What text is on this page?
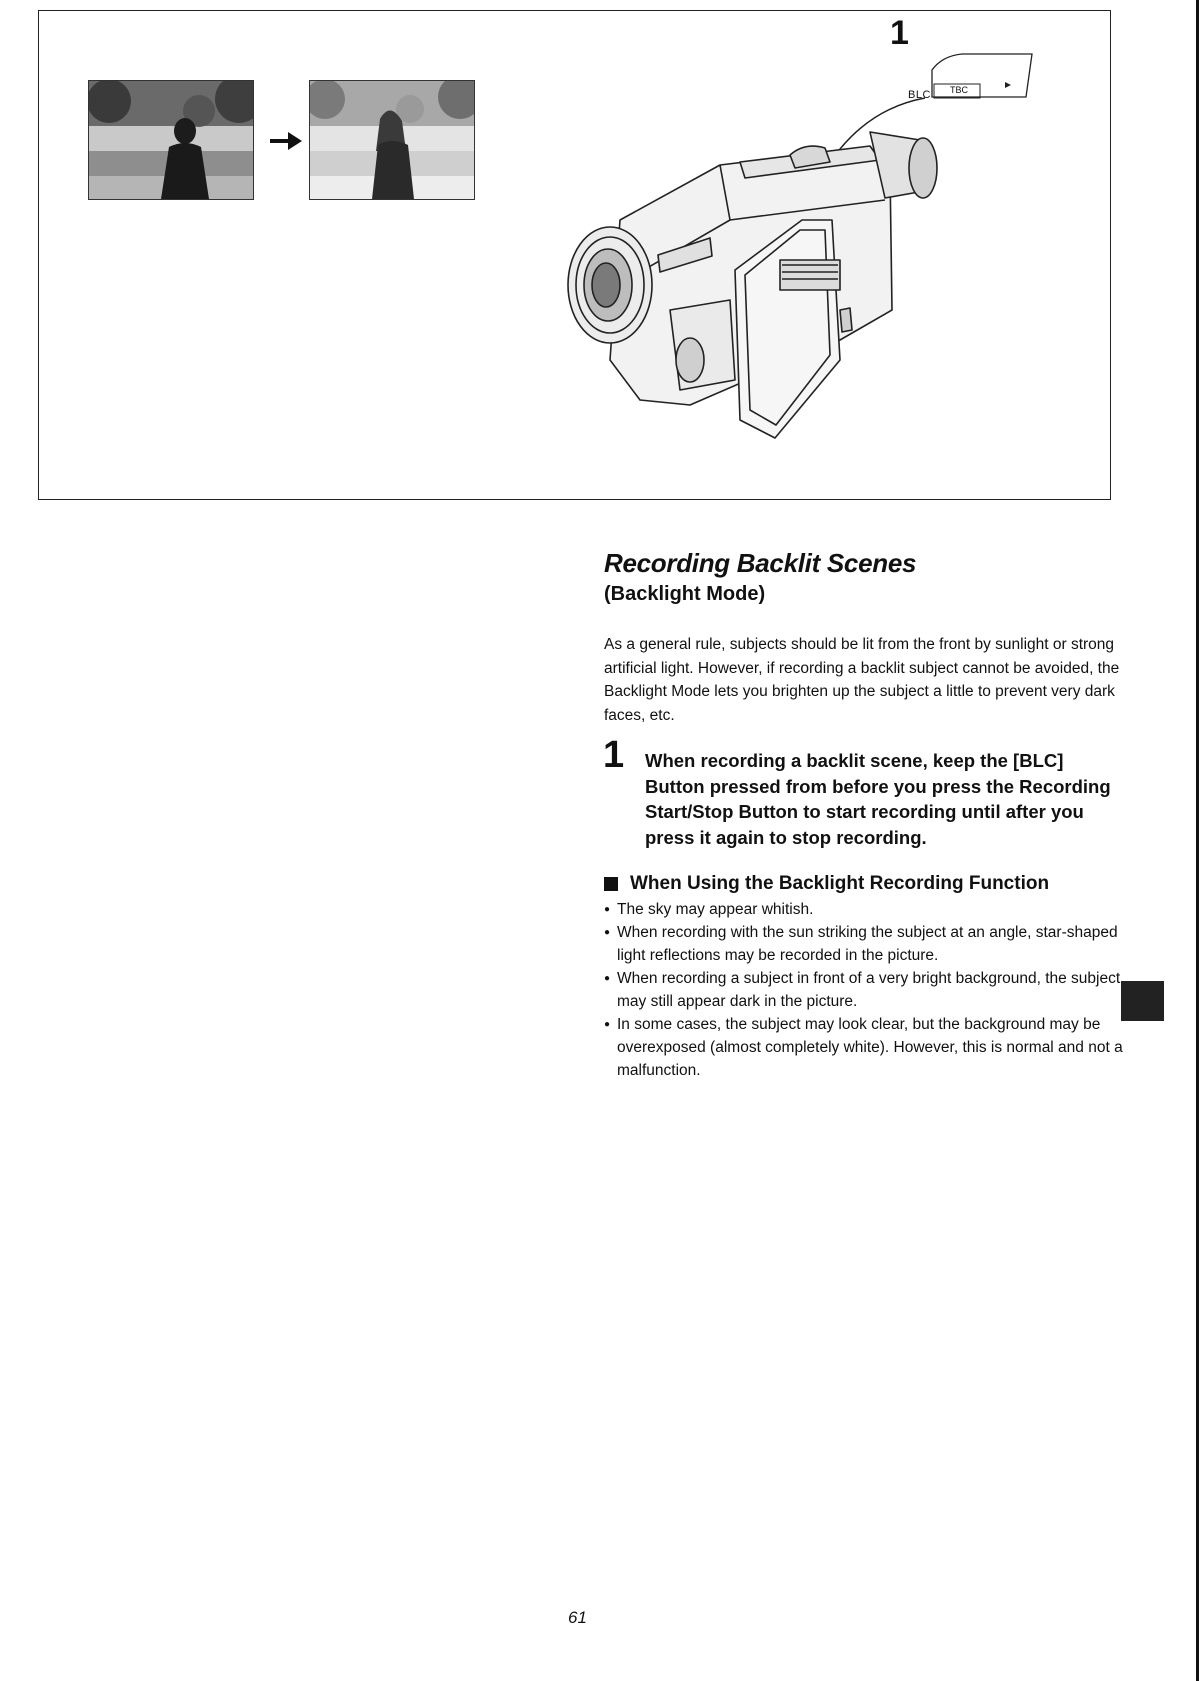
1
BLC TBC
Recording Backlit Scenes
(Backlight Mode)

As a general rule, subjects should be lit from the front by sunlight or strong artificial light. However, if recording a backlit subject cannot be avoided, the Backlight Mode lets you brighten up the subject a little to prevent very dark faces, etc.

1 When recording a backlit scene, keep the [BLC] Button pressed from before you press the Recording Start/Stop Button to start recording until after you press it again to stop recording.

When Using the Backlight Recording Function
● The sky may appear whitish.
● When recording with the sun striking the subject at an angle, star-shaped light reflections may be recorded in the picture.
● When recording a subject in front of a very bright background, the subject may still appear dark in the picture.
● In some cases, the subject may look clear, but the background may be overexposed (almost completely white). However, this is normal and not a malfunction.
61
